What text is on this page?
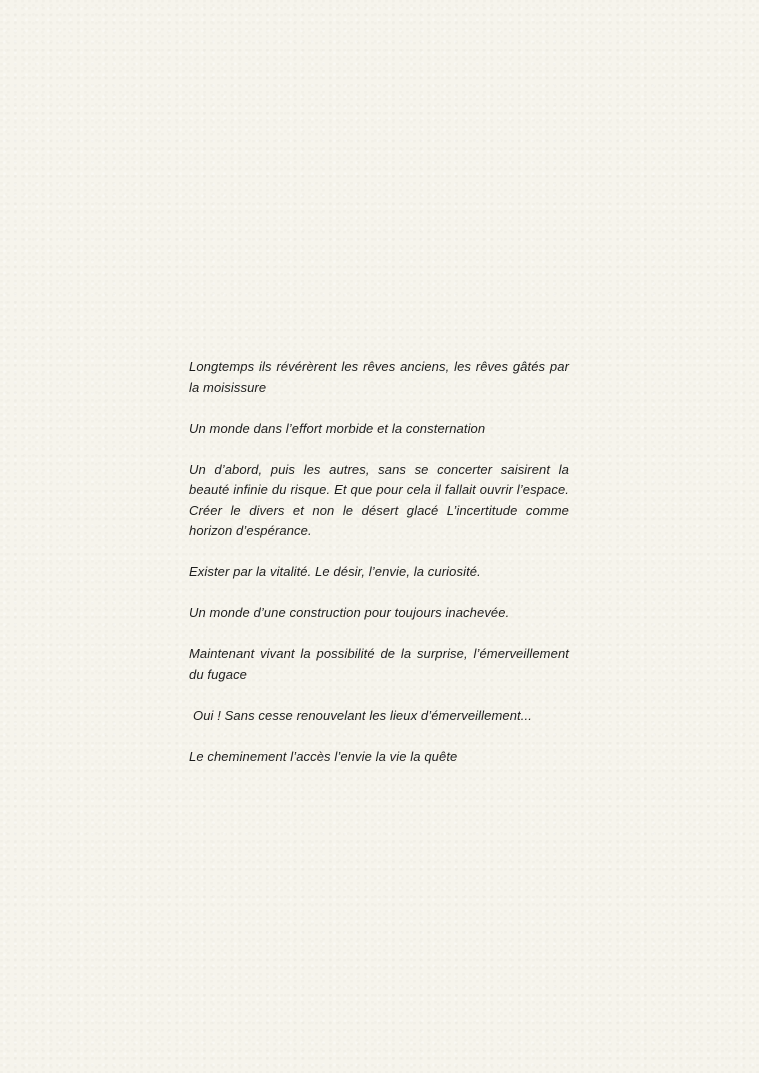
Longtemps ils révérèrent les rêves anciens, les rêves gâtés par la moisissure

Un monde dans l’effort morbide et la consternation

Un d’abord, puis les autres, sans se concerter saisirent la beauté infinie du risque. Et que pour cela il fallait ouvrir l’espace. Créer le divers et non le désert glacé L’incertitude comme horizon d’espérance.

Exister par la vitalité. Le désir, l’envie, la curiosité.

Un monde d’une construction pour toujours inachevée.

Maintenant vivant la possibilité de la surprise, l’émerveillement du fugace

Oui ! Sans cesse renouvelant les lieux d’émerveillement...

Le cheminement l’accès l’envie la vie la quête
